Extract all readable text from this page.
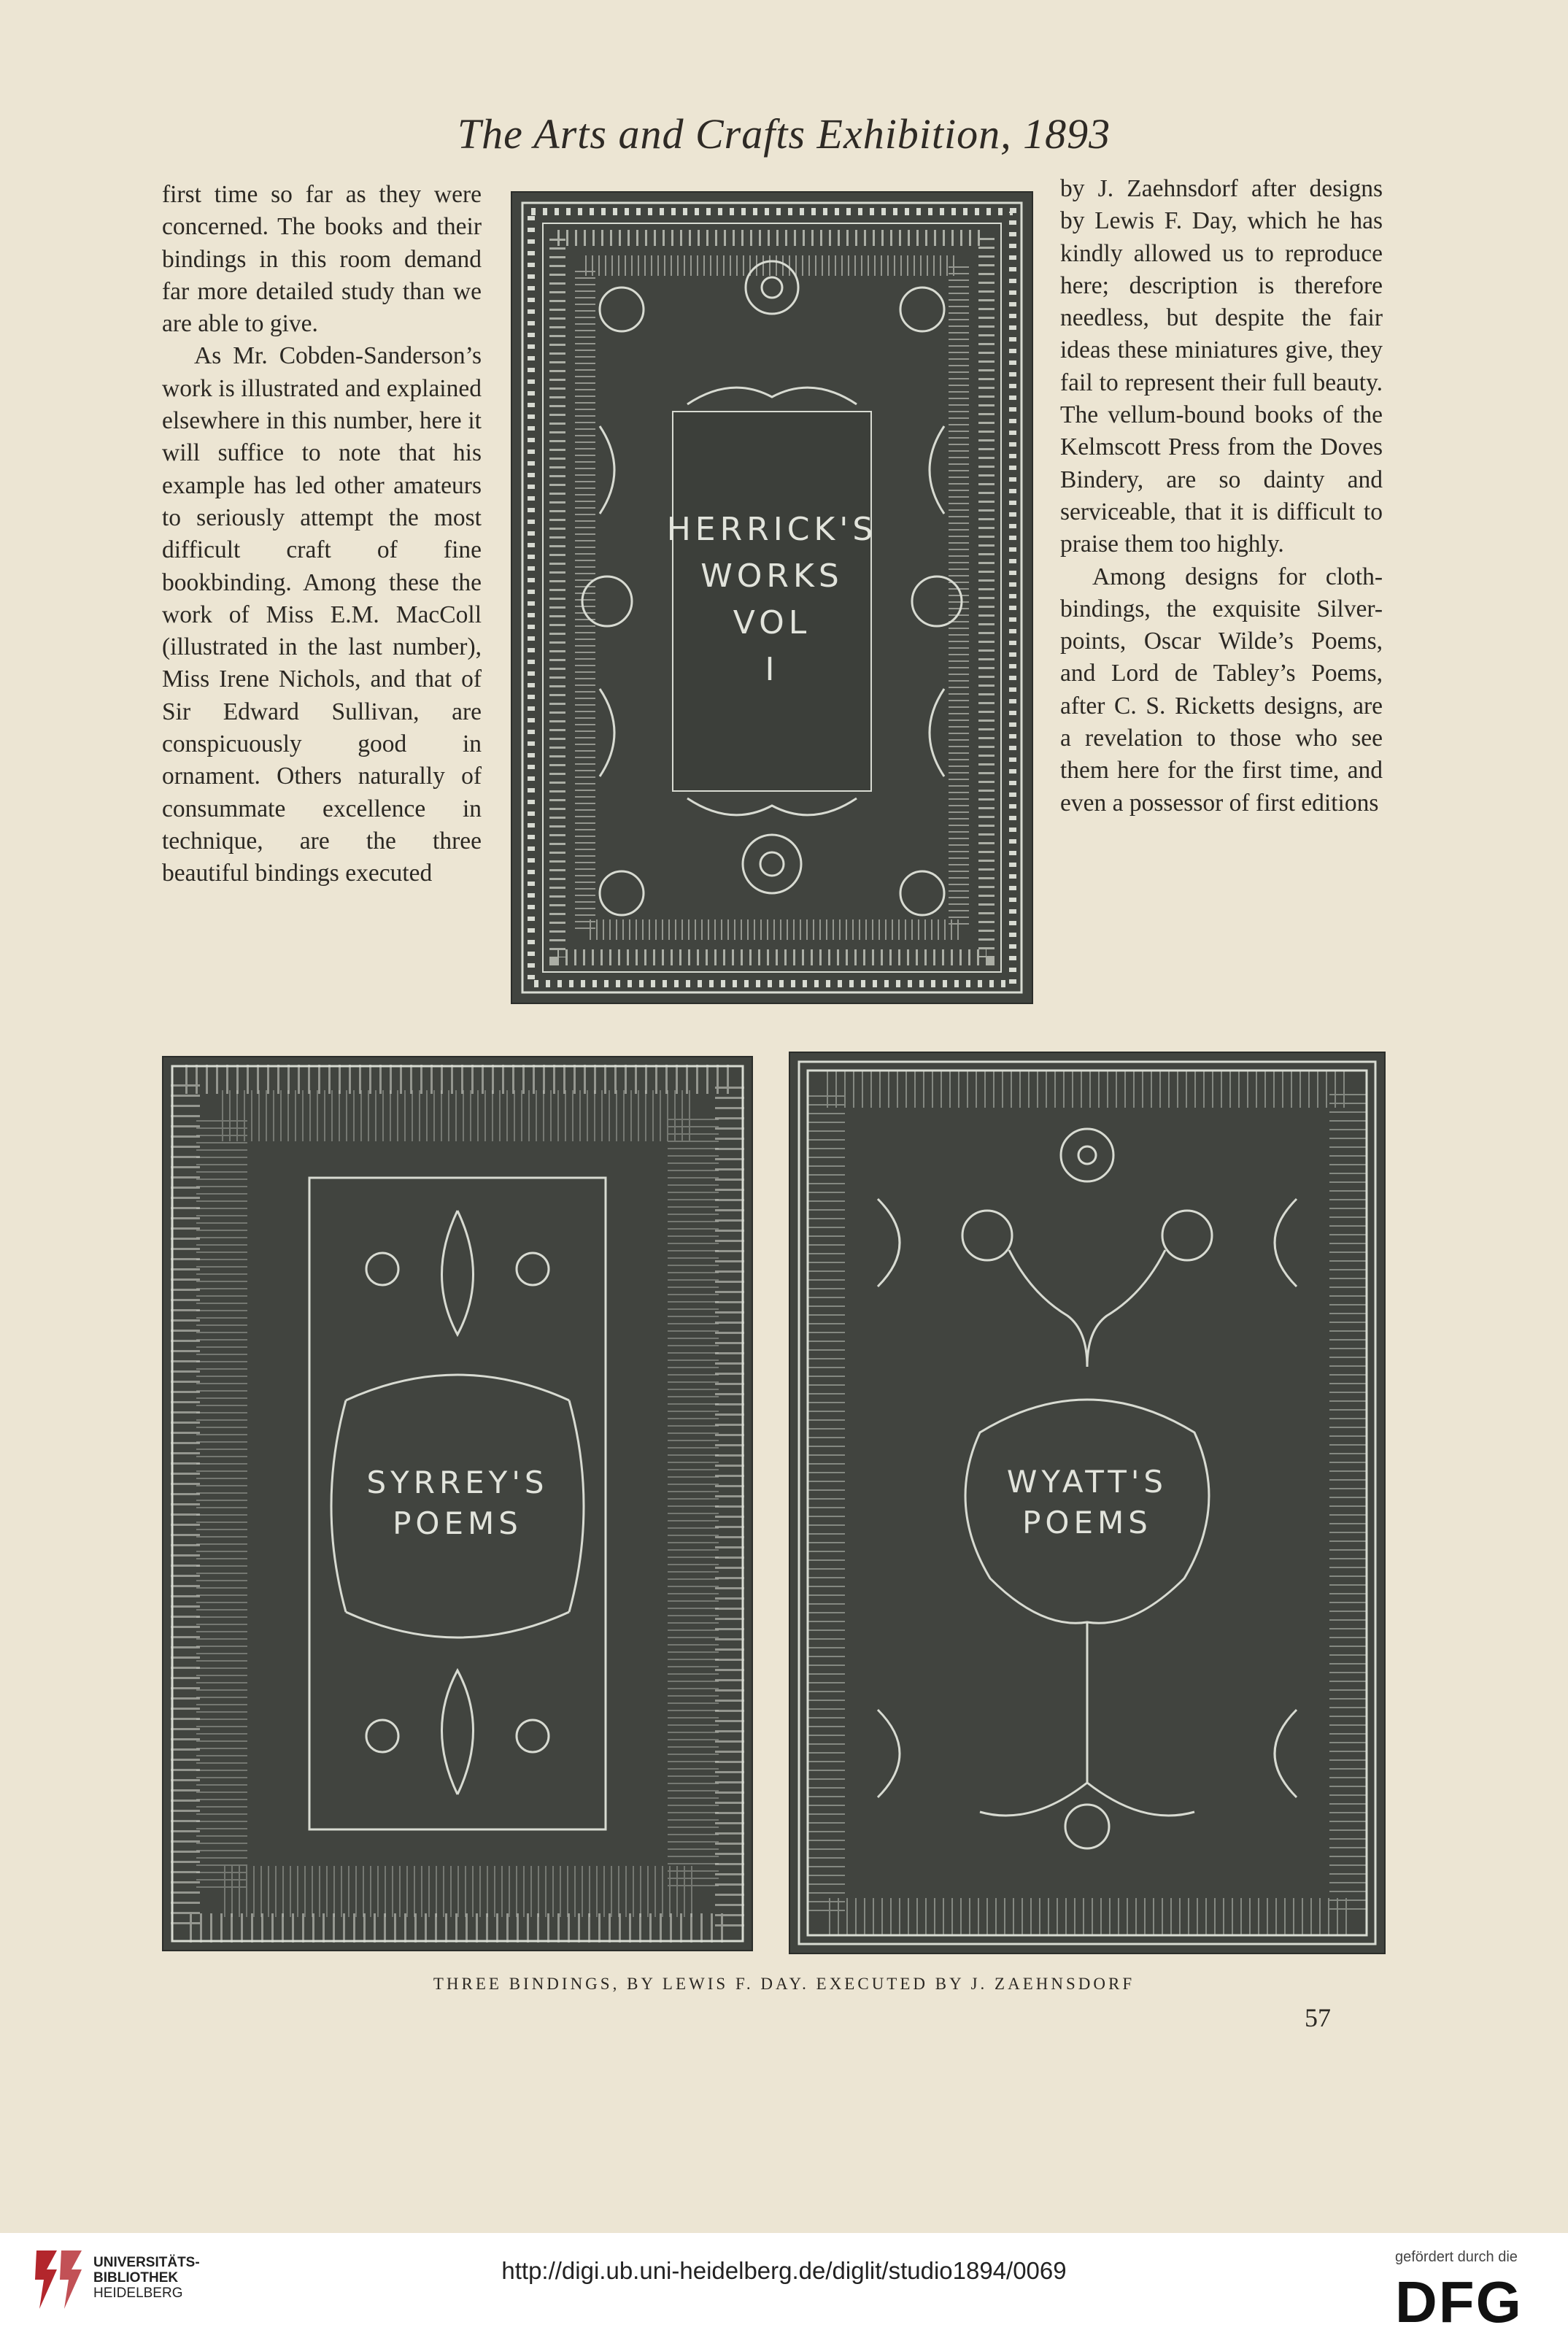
The Arts and Crafts Exhibition, 1893

first time so far as they were concerned. The books and their bindings in this room demand far more detailed study than we are able to give.

As Mr. Cobden-Sanderson’s work is illustrated and explained elsewhere in this number, here it will suffice to note that his example has led other amateurs to seriously attempt the most difficult craft of fine bookbinding. Among these the work of Miss E.M. MacColl (illustrated in the last number), Miss Irene Nichols, and that of Sir Edward Sullivan, are conspicuously good in ornament. Others naturally of consummate excellence in technique, are the three beautiful bindings executed

HERRICK'S
WORKS
VOL
I

by J. Zaehnsdorf after designs by Lewis F. Day, which he has kindly allowed us to reproduce here; description is therefore needless, but despite the fair ideas these miniatures give, they fail to represent their full beauty. The vellum-bound books of the Kelmscott Press from the Doves Bindery, are so dainty and serviceable, that it is difficult to praise them too highly.

Among designs for cloth-bindings, the exquisite Silver-points, Oscar Wilde’s Poems, and Lord de Tabley’s Poems, after C. S. Ricketts designs, are a revelation to those who see them here for the first time, and even a possessor of first editions

SYRREY'S
POEMS
WYATT'S
POEMS
THREE BINDINGS, BY LEWIS F. DAY. EXECUTED BY J. ZAEHNSDORF
57
UNIVERSITÄTS-
BIBLIOTHEK
HEIDELBERG
http://digi.ub.uni-heidelberg.de/diglit/studio1894/0069	gefördert durch die
DFG
